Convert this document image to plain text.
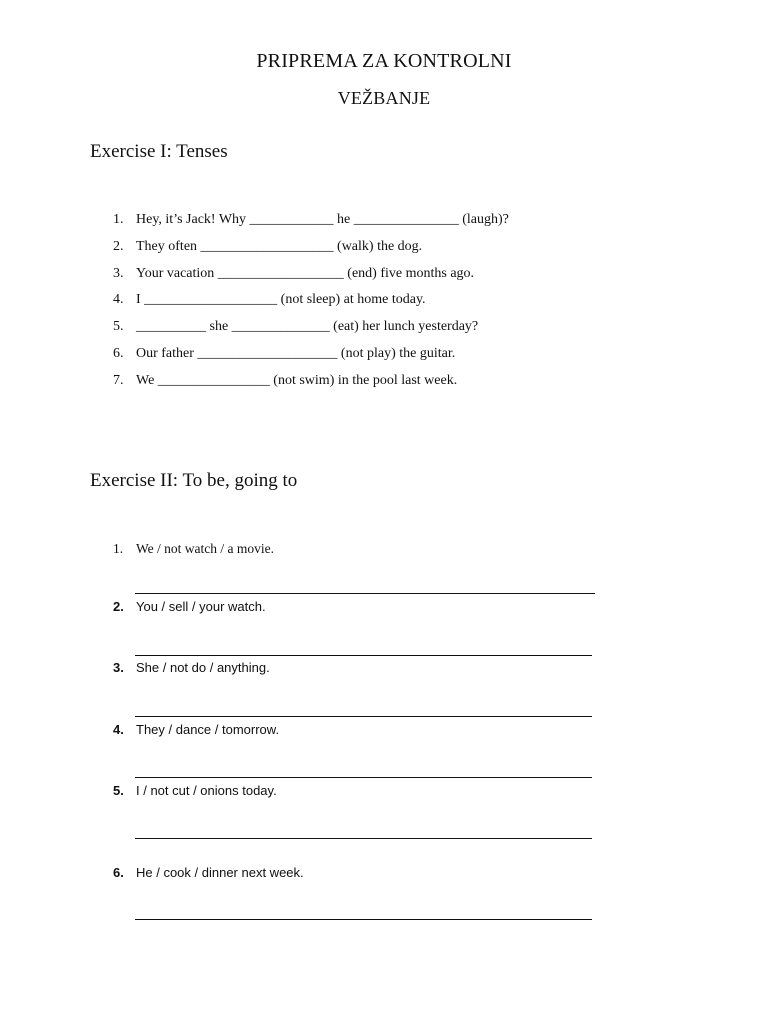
PRIPREMA ZA KONTROLNI
VEŽBANJE
Exercise I: Tenses
1. Hey, it’s Jack! Why ____________ he _______________ (laugh)?
2. They often ___________________ (walk) the dog.
3. Your vacation __________________ (end) five months ago.
4. I ___________________ (not sleep) at home today.
5. __________ she ______________ (eat) her lunch yesterday?
6. Our father ____________________ (not play) the guitar.
7. We ________________ (not swim) in the pool last week.
Exercise II: To be, going to
1. We / not watch / a movie.
2. You / sell / your watch.
3. She / not do / anything.
4. They / dance / tomorrow.
5. I / not cut / onions today.
6. He / cook / dinner next week.
